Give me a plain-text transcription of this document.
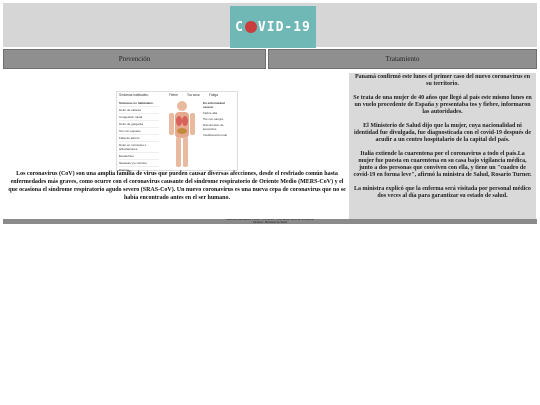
C VID-19
Prevención	Tratamiento
Síntomas habituales:	Fiebre	Tos seca	Fatiga
Síntomas no habituales:
Dolor de cabeza
Congestión nasal
Dolor de garganta
Tos con esputos
Falta de aliento
Dolor en músculos o articulaciones
Escalofríos
Náuseas y/o vómitos
Diarrea
En enfermedad severa:
Fiebre alta
Tos con sangre
Disminución de leucocitos
Insuficiencia renal
Los coronavirus (CoV) son una amplia familia de virus que pueden causar diversas afecciones, desde el resfriado común hasta enfermedades más graves, como ocurre con el coronavirus causante del síndrome respiratorio de Oriente Medio (MERS-CoV) y el que ocasiona el síndrome respiratorio agudo severo (SRAS-CoV). Un nuevo coronavirus es una nueva cepa de coronavirus que no se había encontrado antes en el ser humano.

Panamá confirmó este lunes el primer caso del nuevo coronavirus en su territorio.

Se trata de una mujer de 40 años que llegó al país este mismo lunes en un vuelo procedente de España y presentaba tos y fiebre, informaron las autoridades.

El Ministerio de Salud dijo que la mujer, cuya nacionalidad ni identidad fue divulgada, fue diagnosticada con el covid-19 después de acudir a un centro hospitalario de la capital del país.

Italia extiende la cuarentena por el coronavirus a todo el país.La mujer fue puesta en cuarentena en su casa bajo vigilancia médica, junto a dos personas que conviven con ella, y tiene un "cuadro de covid-19 en forma leve", afirmó la ministra de Salud, Rosario Turner.

La ministra explicó que la enferma será visitada por personal médico dos veces al día para garantizar su estado de salud.

Derechos reservados © 2020 · COVID-19 · Información sobre el coronavirus
Panamá · Ministerio de Salud
